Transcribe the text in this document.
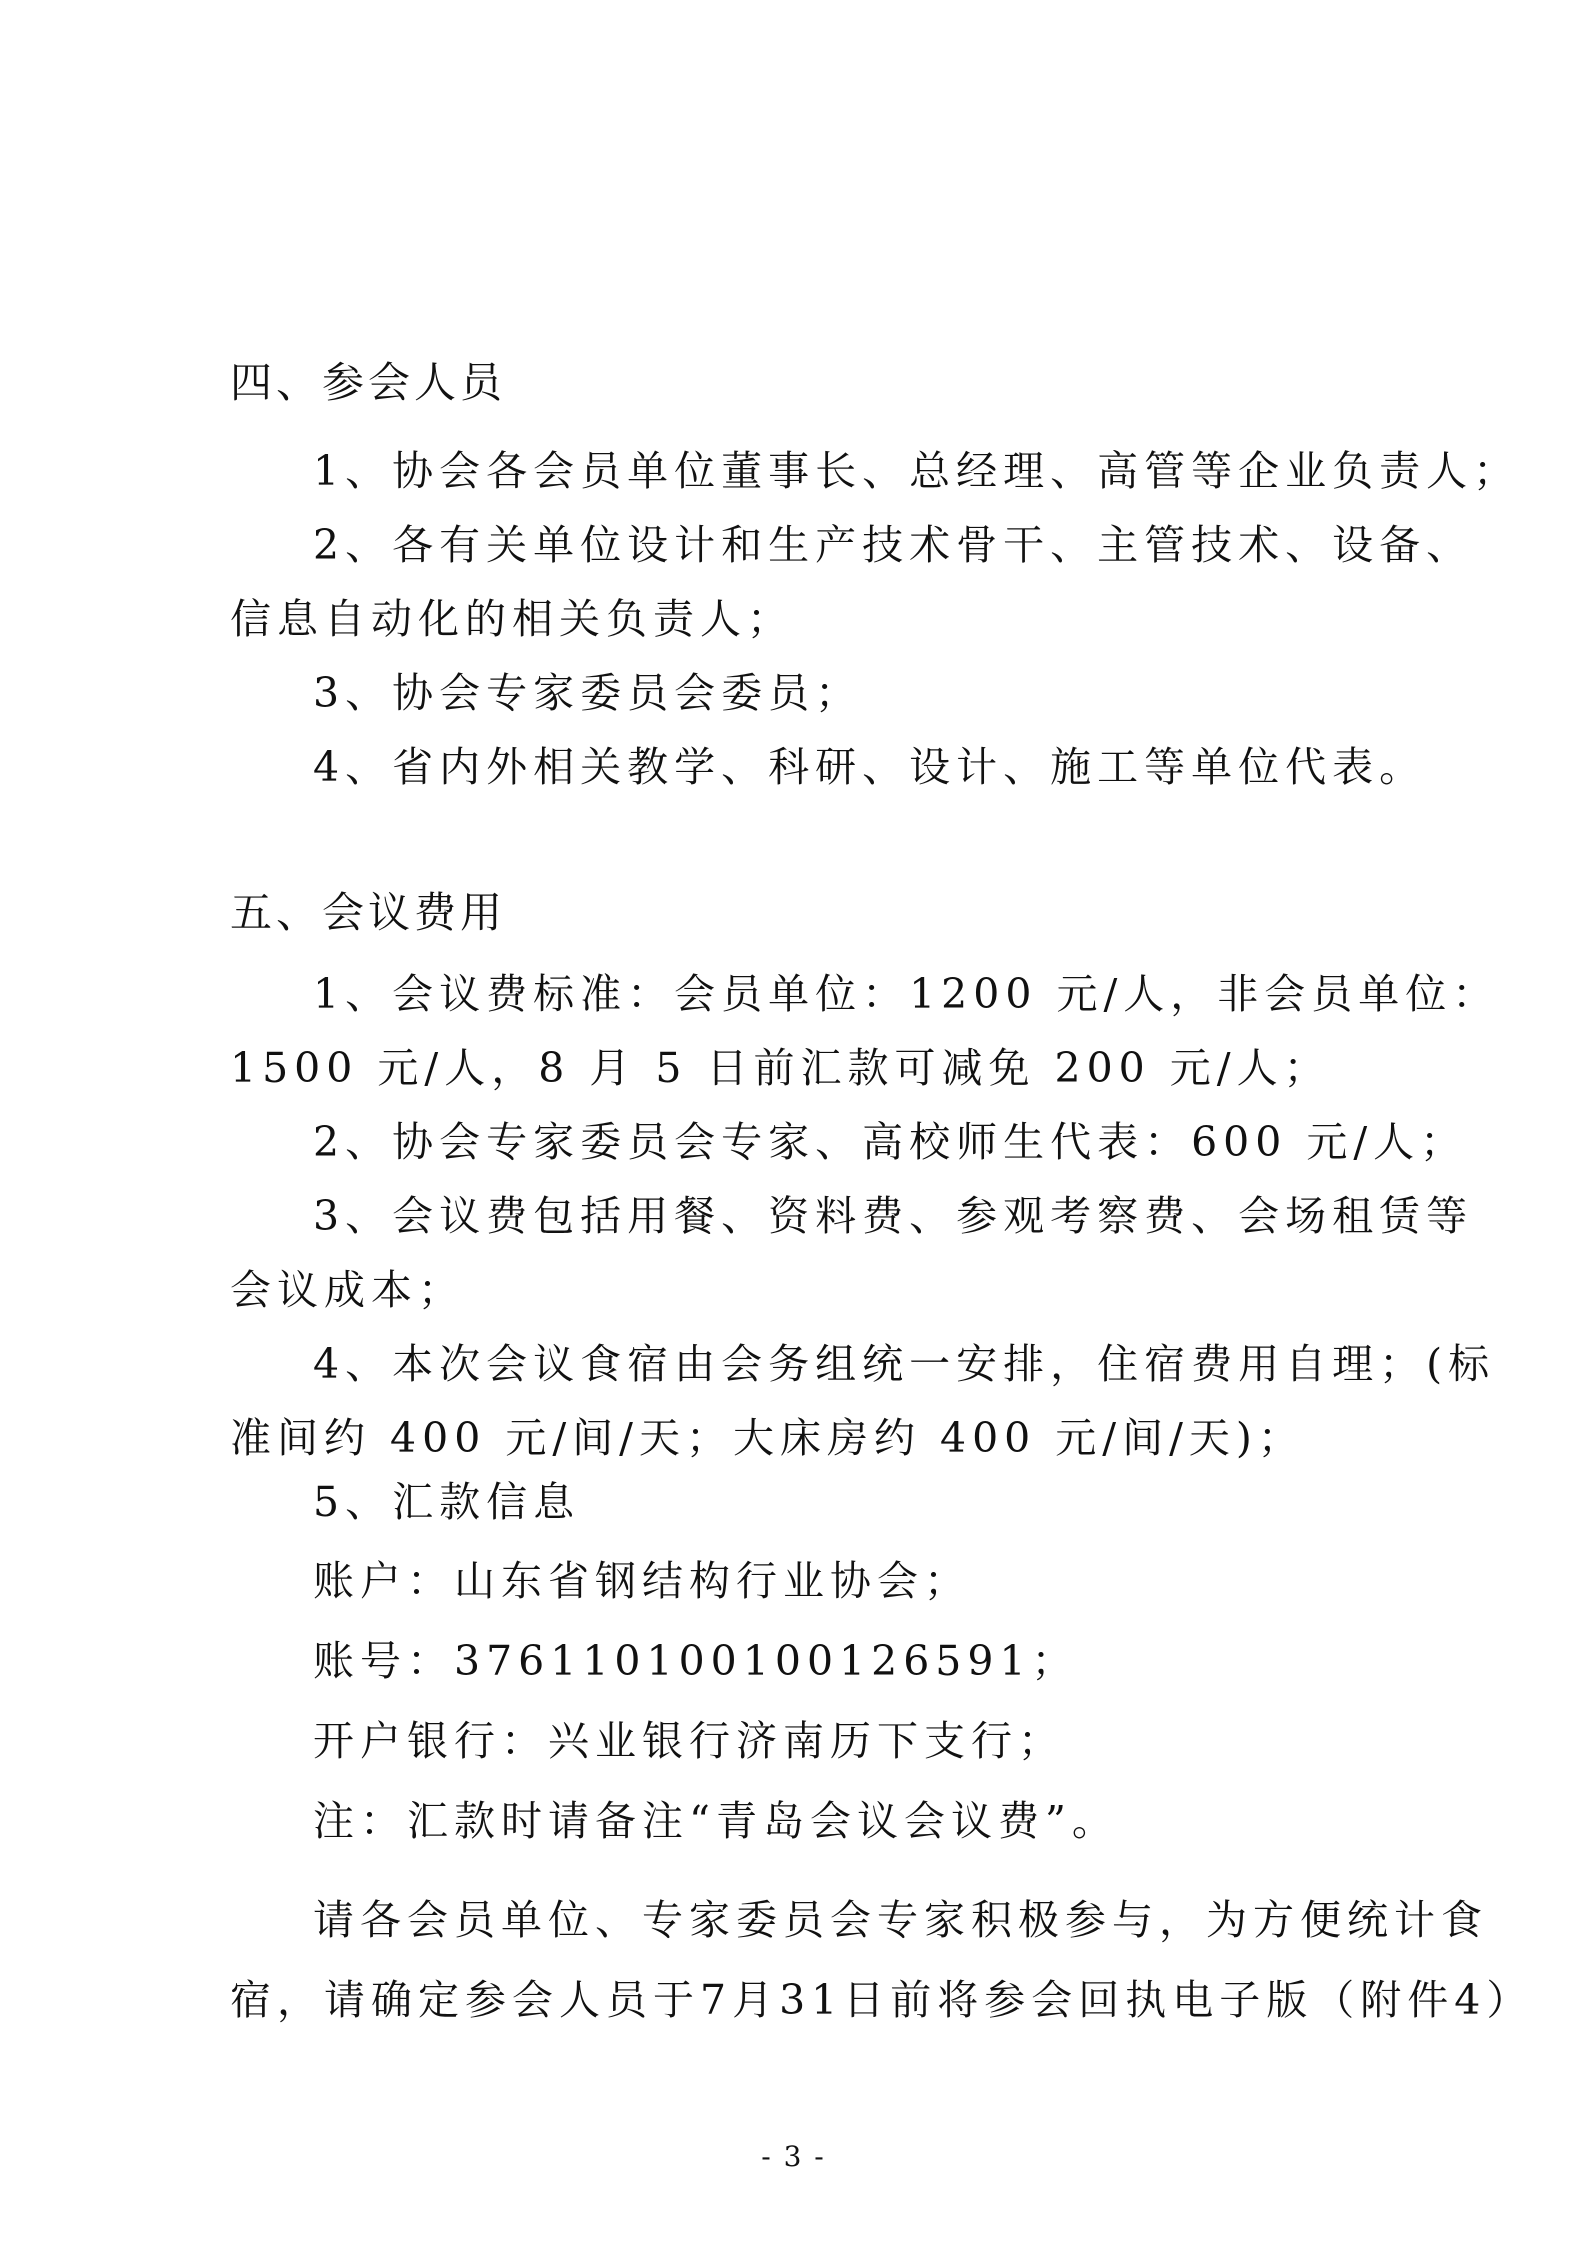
四、参会人员
1、协会各会员单位董事长、总经理、高管等企业负责人；
2、各有关单位设计和生产技术骨干、主管技术、设备、
信息自动化的相关负责人；
3、协会专家委员会委员；
4、省内外相关教学、科研、设计、施工等单位代表。
五、会议费用
1、会议费标准：会员单位：1200 元/人，非会员单位：
1500 元/人，8 月 5 日前汇款可减免 200 元/人；
2、协会专家委员会专家、高校师生代表：600 元/人；
3、会议费包括用餐、资料费、参观考察费、会场租赁等
会议成本；
4、本次会议食宿由会务组统一安排，住宿费用自理；(标
准间约 400 元/间/天；大床房约 400 元/间/天)；
5、汇款信息
账户：山东省钢结构行业协会；
账号：376110100100126591；
开户银行：兴业银行济南历下支行；
注：汇款时请备注“青岛会议会议费”。
请各会员单位、专家委员会专家积极参与，为方便统计食
宿，请确定参会人员于7月31日前将参会回执电子版（附件4）
- 3 -
